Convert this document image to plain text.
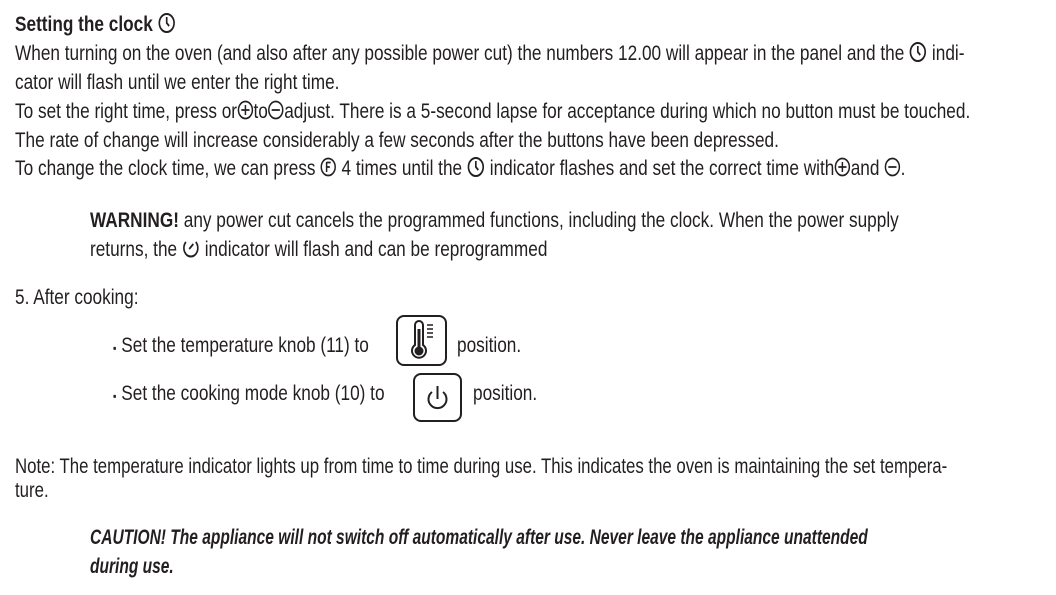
Setting the clock
When turning on the oven (and also after any possible power cut) the numbers 12.00 will appear in the panel and the indi-
cator will flash until we enter the right time.
To set the right time, press or to adjust. There is a 5-second lapse for acceptance during which no button must be touched.
The rate of change will increase considerably a few seconds after the buttons have been depressed.
To change the clock time, we can press 4 times until the indicator flashes and set the correct time with and .
WARNING! any power cut cancels the programmed functions, including the clock. When the power supply
returns, the indicator will flash and can be reprogrammed
5. After cooking:
▪ Set the temperature knob (11) to	position.
▪ Set the cooking mode knob (10) to	position.
Note: The temperature indicator lights up from time to time during use. This indicates the oven is maintaining the set tempera-
ture.
CAUTION! The appliance will not switch off automatically after use. Never leave the appliance unattended
during use.
